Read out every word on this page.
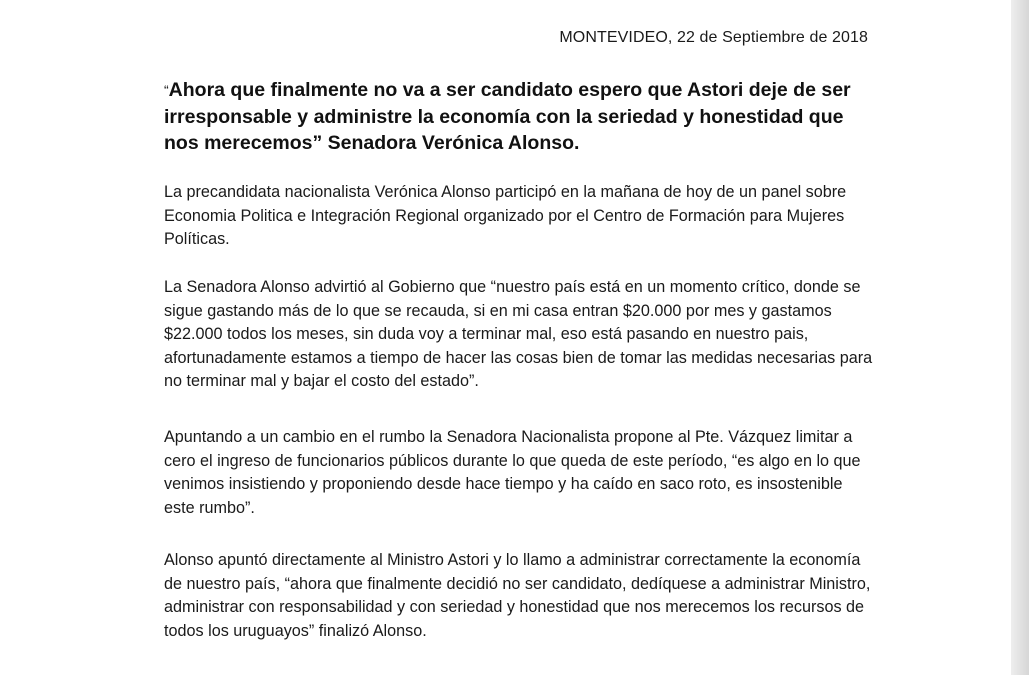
MONTEVIDEO, 22 de Septiembre de 2018
“Ahora que finalmente no va a ser candidato espero que Astori deje de ser irresponsable y administre la economía con la seriedad y honestidad que nos merecemos” Senadora Verónica Alonso.

La precandidata nacionalista Verónica Alonso participó en la mañana de hoy de un panel sobre Economia Politica e Integración Regional organizado por el Centro de Formación para Mujeres Políticas.

La Senadora Alonso advirtió al Gobierno que “nuestro país está en un momento crítico, donde se sigue gastando más de lo que se recauda, si en mi casa entran $20.000 por mes y gastamos $22.000 todos los meses, sin duda voy a terminar mal, eso está pasando en nuestro pais, afortunadamente estamos a tiempo de hacer las cosas bien de tomar las medidas necesarias para no terminar mal y bajar el costo del estado”.

Apuntando a un cambio en el rumbo la Senadora Nacionalista propone al Pte. Vázquez limitar a cero el ingreso de funcionarios públicos durante lo que queda de este período, “es algo en lo que venimos insistiendo y proponiendo desde hace tiempo y ha caído en saco roto, es insostenible este rumbo”.

Alonso apuntó directamente al Ministro Astori y lo llamo a administrar correctamente la economía de nuestro país, “ahora que finalmente decidió no ser candidato, dedíquese a administrar Ministro, administrar con responsabilidad y con seriedad y honestidad que nos merecemos los recursos de todos los uruguayos” finalizó Alonso.
